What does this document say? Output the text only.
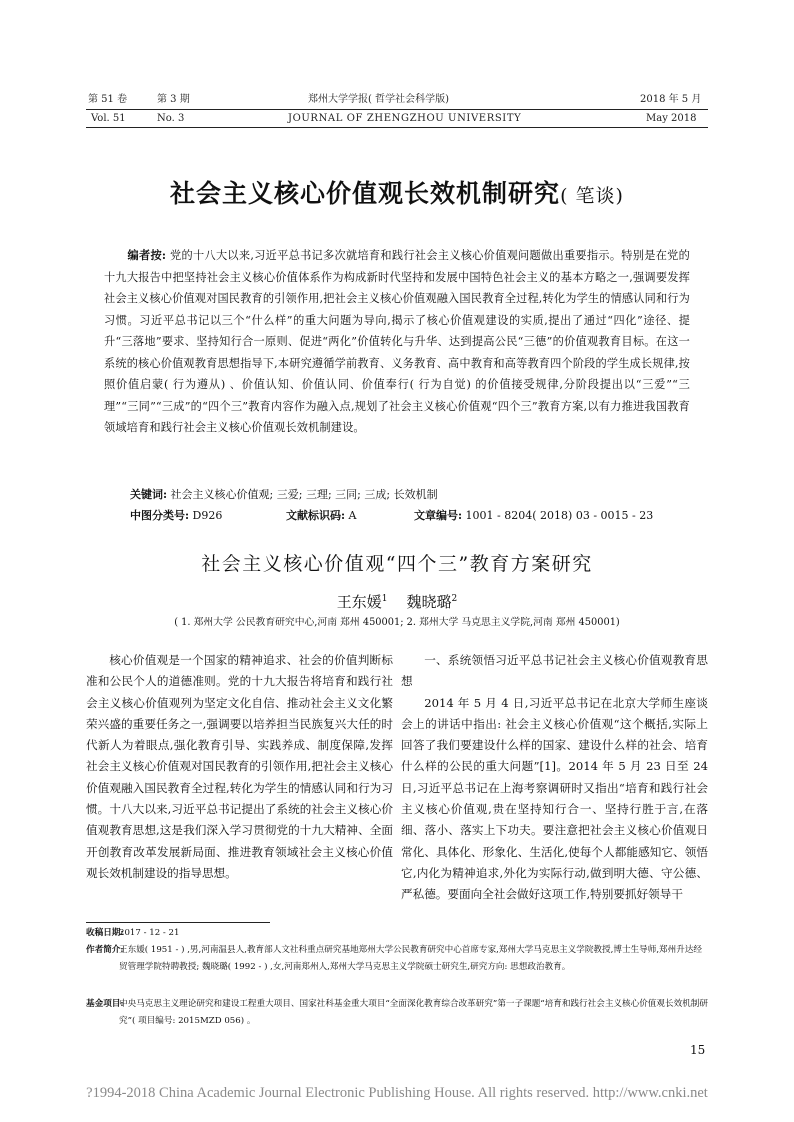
第 51 卷	第 3 期	郑州大学学报( 哲学社会科学版)	2018 年 5 月
Vol. 51	No. 3	JOURNAL OF ZHENGZHOU UNIVERSITY	May 2018
社会主义核心价值观长效机制研究( 笔谈)
编者按: 党的十八大以来,习近平总书记多次就培育和践行社会主义核心价值观问题做出重要指示。特别是在党的十九大报告中把坚持社会主义核心价值体系作为构成新时代坚持和发展中国特色社会主义的基本方略之一,强调要发挥社会主义核心价值观对国民教育的引领作用,把社会主义核心价值观融入国民教育全过程,转化为学生的情感认同和行为习惯。习近平总书记以三个“什么样”的重大问题为导向,揭示了核心价值观建设的实质,提出了通过“四化”途径、提升“三落地”要求、坚持知行合一原则、促进“两化”价值转化与升华、达到提高公民“三德”的价值观教育目标。在这一系统的核心价值观教育思想指导下,本研究遵循学前教育、义务教育、高中教育和高等教育四个阶段的学生成长规律,按照价值启蒙( 行为遵从) 、价值认知、价值认同、价值奉行( 行为自觉) 的价值接受规律,分阶段提出以“三爱”“三理”“三同”“三成”的“四个三”教育内容作为融入点,规划了社会主义核心价值观“四个三”教育方案,以有力推进我国教育领域培育和践行社会主义核心价值观长效机制建设。
关键词: 社会主义核心价值观; 三爱; 三理; 三同; 三成; 长效机制
中图分类号: D926	文献标识码: A	文章编号: 1001 - 8204( 2018) 03 - 0015 - 23
社会主义核心价值观“四个三”教育方案研究
王东媛$^1$ 魏晓璐$^2$
( 1. 郑州大学 公民教育研究中心,河南 郑州 450001; 2. 郑州大学 马克思主义学院,河南 郑州 450001)

核心价值观是一个国家的精神追求、社会的价值判断标准和公民个人的道德准则。党的十九大报告将培育和践行社会主义核心价值观列为坚定文化自信、推动社会主义文化繁荣兴盛的重要任务之一,强调要以培养担当民族复兴大任的时代新人为着眼点,强化教育引导、实践养成、制度保障,发挥社会主义核心价值观对国民教育的引领作用,把社会主义核心价值观融入国民教育全过程,转化为学生的情感认同和行为习惯。十八大以来,习近平总书记提出了系统的社会主义核心价值观教育思想,这是我们深入学习贯彻党的十九大精神、全面开创教育改革发展新局面、推进教育领域社会主义核心价值观长效机制建设的指导思想。

一、系统领悟习近平总书记社会主义核心价值观教育思想

2014 年 5 月 4 日,习近平总书记在北京大学师生座谈会上的讲话中指出: 社会主义核心价值观“这个概括,实际上回答了我们要建设什么样的国家、建设什么样的社会、培育什么样的公民的重大问题”[1]。2014 年 5 月 23 日至 24 日,习近平总书记在上海考察调研时又指出“培育和践行社会主义核心价值观,贵在坚持知行合一、坚持行胜于言,在落细、落小、落实上下功夫。要注意把社会主义核心价值观日常化、具体化、形象化、生活化,使每个人都能感知它、领悟它,内化为精神追求,外化为实际行动,做到明大德、守公德、严私德。要面向全社会做好这项工作,特别要抓好领导干

收稿日期:
2017 - 12 - 21
作者简介:
王东媛( 1951 - ) ,男,河南温县人,教育部人文社科重点研究基地郑州大学公民教育研究中心首席专家,郑州大学马克思主义学院教授,博士生导师,郑州升达经贸管理学院特聘教授; 魏晓璐( 1992 - ) ,女,河南郑州人,郑州大学马克思主义学院硕士研究生,研究方向: 思想政治教育。
基金项目:
中央马克思主义理论研究和建设工程重大项目、国家社科基金重大项目“全面深化教育综合改革研究”第一子课题“培育和践行社会主义核心价值观长效机制研究”( 项目编号: 2015MZD 056) 。
15
?1994-2018 China Academic Journal Electronic Publishing House. All rights reserved. http://www.cnki.net
